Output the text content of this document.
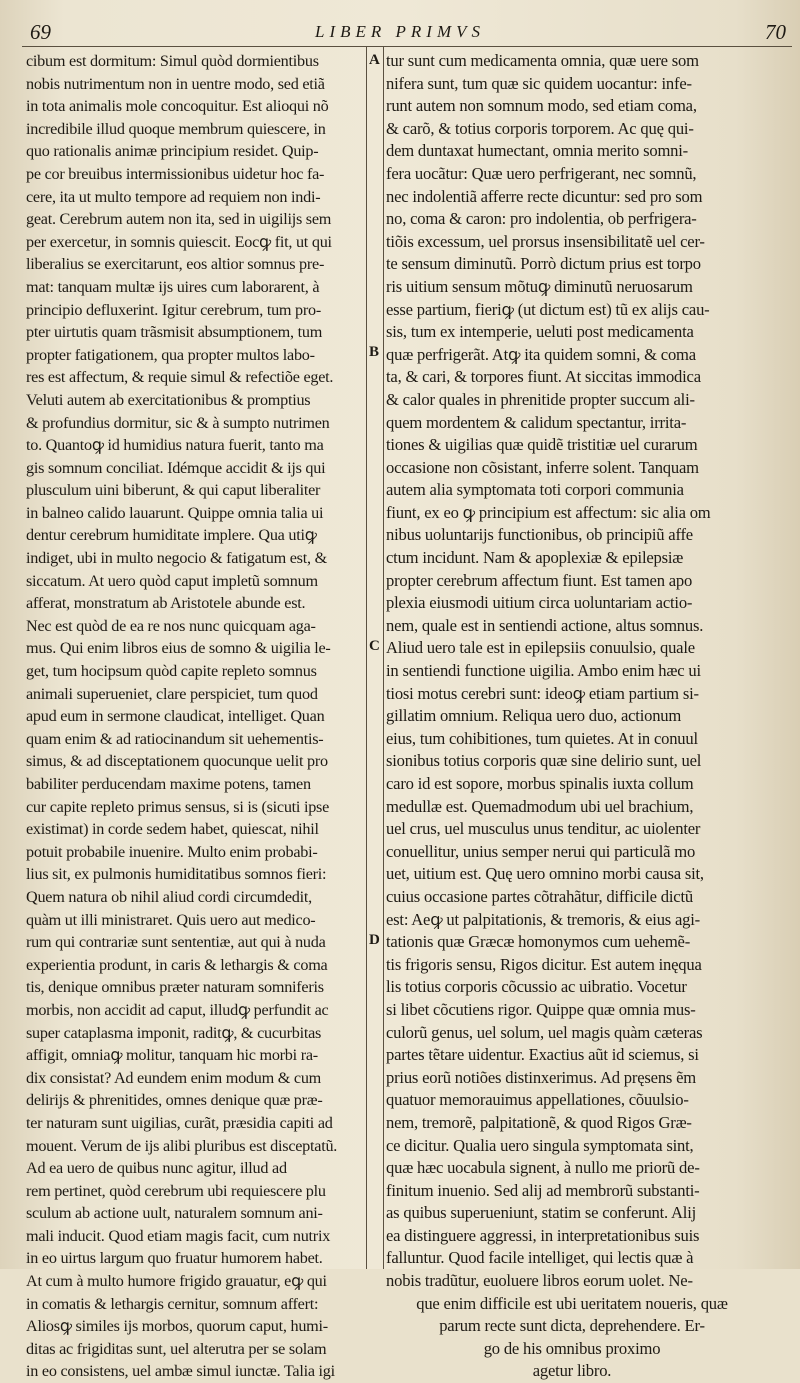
69	LIBER PRIMVS	70
A
B
C
D
cibum est dormitum: Simul quòd dormientibus
nobis nutrimentum non in uentre modo, sed etiã
in tota animalis mole concoquitur. Est alioqui nõ
incredibile illud quoque membrum quiescere, in
quo rationalis animæ principium residet. Quip-
pe cor breuibus intermissionibus uidetur hoc fa-
cere, ita ut multo tempore ad requiem non indi-
geat. Cerebrum autem non ita, sed in uigilijs sem
per exercetur, in somnis quiescit. Eocꝙ fit, ut qui
liberalius se exercitarunt, eos altior somnus pre-
mat: tanquam multæ ijs uires cum laborarent, à
principio defluxerint. Igitur cerebrum, tum pro-
pter uirtutis quam trãsmisit absumptionem, tum
propter fatigationem, qua propter multos labo-
res est affectum, & requie simul & refectiõe eget.
Veluti autem ab exercitationibus & promptius
& profundius dormitur, sic & à sumpto nutrimen
to. Quantoꝙ id humidius natura fuerit, tanto ma
gis somnum conciliat. Idémque accidit & ijs qui
plusculum uini biberunt, & qui caput liberaliter
in balneo calido lauarunt. Quippe omnia talia ui
dentur cerebrum humiditate implere. Qua utiꝙ
indiget, ubi in multo negocio & fatigatum est, &
siccatum. At uero quòd caput impletũ somnum
afferat, monstratum ab Aristotele abunde est.
Nec est quòd de ea re nos nunc quicquam aga-
mus. Qui enim libros eius de somno & uigilia le-
get, tum hocipsum quòd capite repleto somnus
animali superueniet, clare perspiciet, tum quod
apud eum in sermone claudicat, intelliget. Quan
quam enim & ad ratiocinandum sit uehementis-
simus, & ad disceptationem quocunque uelit pro
babiliter perducendam maxime potens, tamen
cur capite repleto primus sensus, si is (sicuti ipse
existimat) in corde sedem habet, quiescat, nihil
potuit probabile inuenire. Multo enim probabi-
lius sit, ex pulmonis humiditatibus somnos fieri:
Quem natura ob nihil aliud cordi circumdedit,
quàm ut illi ministraret. Quis uero aut medico-
rum qui contrariæ sunt sententiæ, aut qui à nuda
experientia produnt, in caris & lethargis & coma
tis, denique omnibus præter naturam somniferis
morbis, non accidit ad caput, illudꝙ perfundit ac
super cataplasma imponit, raditꝙ, & cucurbitas
affigit, omniaꝙ molitur, tanquam hic morbi ra-
dix consistat? Ad eundem enim modum & cum
delirijs & phrenitides, omnes denique quæ præ-
ter naturam sunt uigilias, curãt, præsidia capiti ad
mouent. Verum de ijs alibi pluribus est disceptatũ.
Ad ea uero de quibus nunc agitur, illud ad
rem pertinet, quòd cerebrum ubi requiescere plu
sculum ab actione uult, naturalem somnum ani-
mali inducit. Quod etiam magis facit, cum nutrix
in eo uirtus largum quo fruatur humorem habet.
At cum à multo humore frigido grauatur, eꝙ qui
in comatis & lethargis cernitur, somnum affert:
Aliosꝙ similes ijs morbos, quorum caput, humi-
ditas ac frigiditas sunt, uel alterutra per se solam
in eo consistens, uel ambæ simul iunctæ. Talia igi
tur sunt cum medicamenta omnia, quæ uere som
nifera sunt, tum quæ sic quidem uocantur: infe-
runt autem non somnum modo, sed etiam coma,
& carõ, & totius corporis torporem. Ac quę qui-
dem duntaxat humectant, omnia merito somni-
fera uocãtur: Quæ uero perfrigerant, nec somnũ,
nec indolentiã afferre recte dicuntur: sed pro som
no, coma & caron: pro indolentia, ob perfrigera-
tiõis excessum, uel prorsus insensibilitatẽ uel cer-
te sensum diminutũ. Porrò dictum prius est torpo
ris uitium sensum mõtuꝙ diminutũ neruosarum
esse partium, fieriꝙ (ut dictum est) tũ ex alijs cau-
sis, tum ex intemperie, ueluti post medicamenta
quæ perfrigerãt. Atꝙ ita quidem somni, & coma
ta, & cari, & torpores fiunt. At siccitas immodica
& calor quales in phrenitide propter succum ali-
quem mordentem & calidum spectantur, irrita-
tiones & uigilias quæ quidẽ tristitiæ uel curarum
occasione non cõsistant, inferre solent. Tanquam
autem alia symptomata toti corpori communia
fiunt, ex eo ꝙ principium est affectum: sic alia om
nibus uoluntarijs functionibus, ob principiũ affe
ctum incidunt. Nam & apoplexiæ & epilepsiæ
propter cerebrum affectum fiunt. Est tamen apo
plexia eiusmodi uitium circa uoluntariam actio-
nem, quale est in sentiendi actione, altus somnus.
Aliud uero tale est in epilepsiis conuulsio, quale
in sentiendi functione uigilia. Ambo enim hæc ui
tiosi motus cerebri sunt: ideoꝙ etiam partium si-
gillatim omnium. Reliqua uero duo, actionum
eius, tum cohibitiones, tum quietes. At in conuul
sionibus totius corporis quæ sine delirio sunt, uel
caro id est sopore, morbus spinalis iuxta collum
medullæ est. Quemadmodum ubi uel brachium,
uel crus, uel musculus unus tenditur, ac uiolenter
conuellitur, unius semper nerui qui particulã mo
uet, uitium est. Quę uero omnino morbi causa sit,
cuius occasione partes cõtrahãtur, difficile dictũ
est: Aeꝙ ut palpitationis, & tremoris, & eius agi-
tationis quæ Græcæ homonymos cum uehemẽ-
tis frigoris sensu, Rigos dicitur. Est autem inęqua
lis totius corporis cõcussio ac uibratio. Vocetur
si libet cõcutiens rigor. Quippe quæ omnia mus-
culorũ genus, uel solum, uel magis quàm cæteras
partes tẽtare uidentur. Exactius aũt id sciemus, si
prius eorũ notiões distinxerimus. Ad pręsens ẽm
quatuor memorauimus appellationes, cõuulsio-
nem, tremorẽ, palpitationẽ, & quod Rigos Græ-
ce dicitur. Qualia uero singula symptomata sint,
quæ hæc uocabula signent, à nullo me priorũ de-
finitum inuenio. Sed alij ad membrorũ substanti-
as quibus superueniunt, statim se conferunt. Alij
ea distinguere aggressi, in interpretationibus suis
falluntur. Quod facile intelliget, qui lectis quæ à
nobis tradũtur, euoluere libros eorum uolet. Ne-
que enim difficile est ubi ueritatem noueris, quæ
parum recte sunt dicta, deprehendere. Er-
go de his omnibus proximo
agetur libro.
